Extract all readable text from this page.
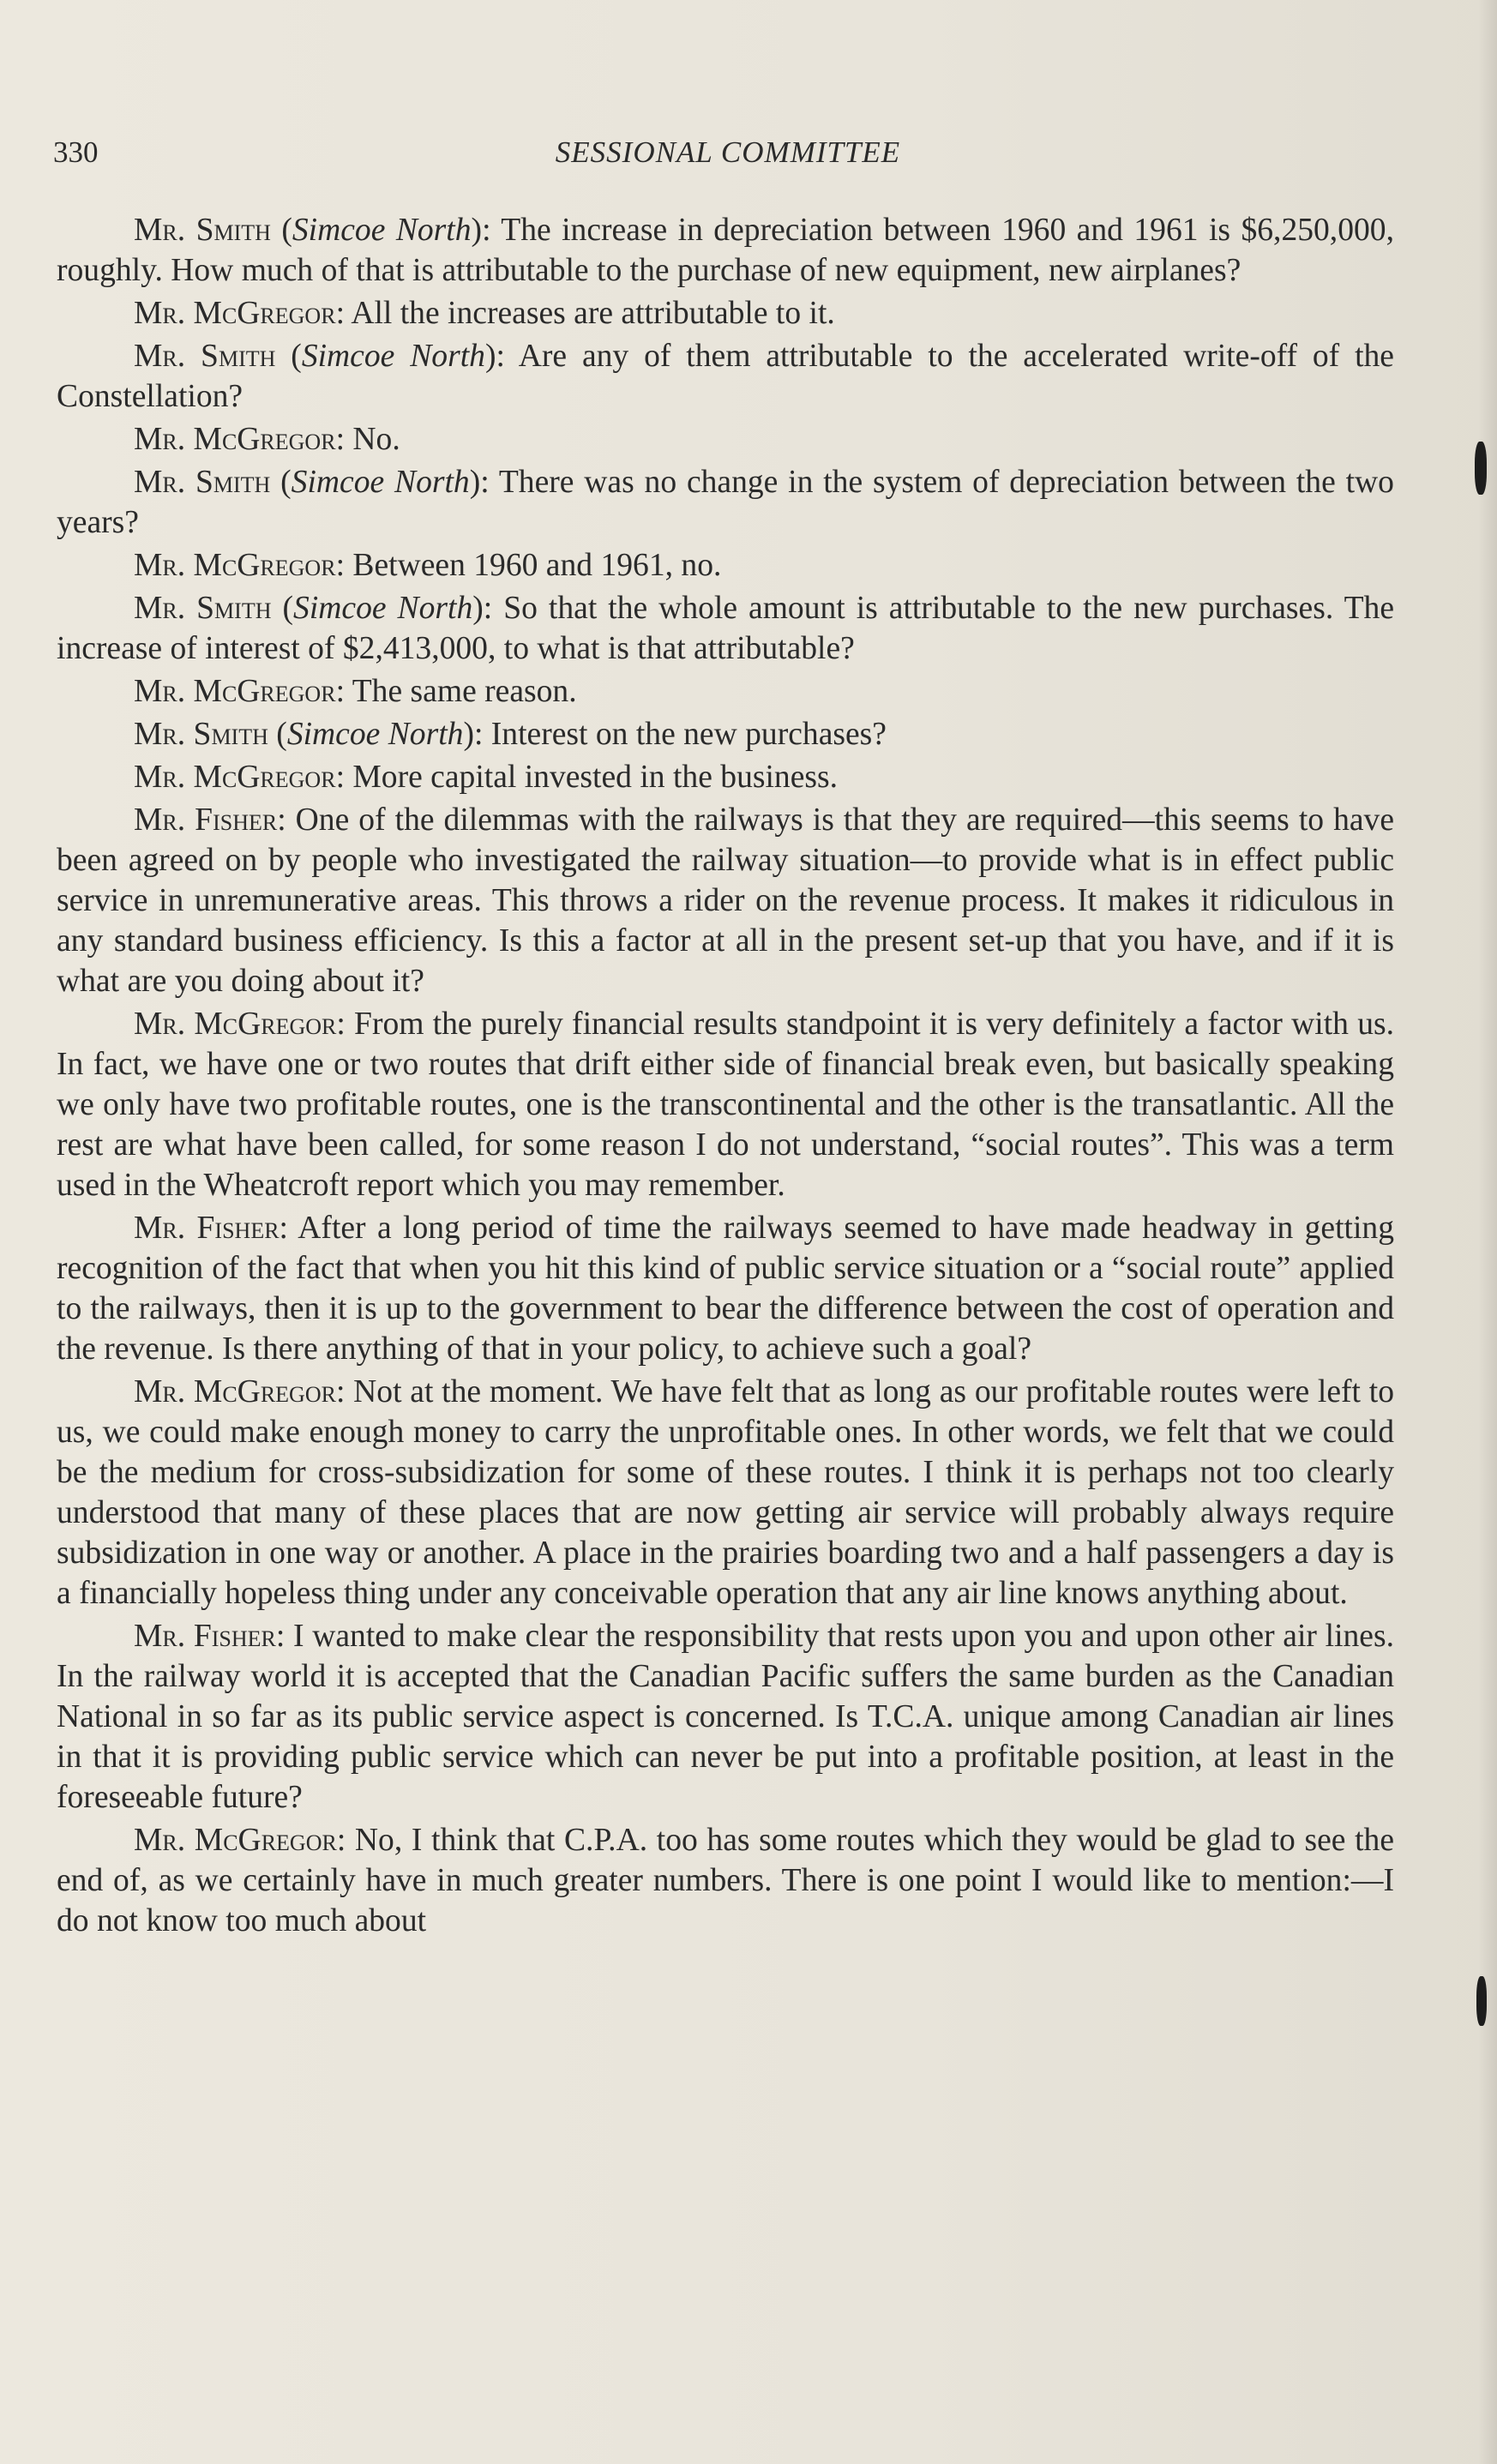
330	SESSIONAL COMMITTEE

Mr. Smith (Simcoe North): The increase in depreciation between 1960 and 1961 is $6,250,000, roughly. How much of that is attributable to the purchase of new equipment, new airplanes?

Mr. McGregor: All the increases are attributable to it.

Mr. Smith (Simcoe North): Are any of them attributable to the accelerated write-off of the Constellation?

Mr. McGregor: No.

Mr. Smith (Simcoe North): There was no change in the system of depreciation between the two years?

Mr. McGregor: Between 1960 and 1961, no.

Mr. Smith (Simcoe North): So that the whole amount is attributable to the new purchases. The increase of interest of $2,413,000, to what is that attributable?

Mr. McGregor: The same reason.

Mr. Smith (Simcoe North): Interest on the new purchases?

Mr. McGregor: More capital invested in the business.

Mr. Fisher: One of the dilemmas with the railways is that they are required—this seems to have been agreed on by people who investigated the railway situation—to provide what is in effect public service in unremunerative areas. This throws a rider on the revenue process. It makes it ridiculous in any standard business efficiency. Is this a factor at all in the present set-up that you have, and if it is what are you doing about it?

Mr. McGregor: From the purely financial results standpoint it is very definitely a factor with us. In fact, we have one or two routes that drift either side of financial break even, but basically speaking we only have two profitable routes, one is the transcontinental and the other is the transatlantic. All the rest are what have been called, for some reason I do not understand, “social routes”. This was a term used in the Wheatcroft report which you may remember.

Mr. Fisher: After a long period of time the railways seemed to have made headway in getting recognition of the fact that when you hit this kind of public service situation or a “social route” applied to the railways, then it is up to the government to bear the difference between the cost of operation and the revenue. Is there anything of that in your policy, to achieve such a goal?

Mr. McGregor: Not at the moment. We have felt that as long as our profitable routes were left to us, we could make enough money to carry the unprofitable ones. In other words, we felt that we could be the medium for cross-subsidization for some of these routes. I think it is perhaps not too clearly understood that many of these places that are now getting air service will probably always require subsidization in one way or another. A place in the prairies boarding two and a half passengers a day is a financially hopeless thing under any conceivable operation that any air line knows anything about.

Mr. Fisher: I wanted to make clear the responsibility that rests upon you and upon other air lines. In the railway world it is accepted that the Canadian Pacific suffers the same burden as the Canadian National in so far as its public service aspect is concerned. Is T.C.A. unique among Canadian air lines in that it is providing public service which can never be put into a profitable position, at least in the foreseeable future?

Mr. McGregor: No, I think that C.P.A. too has some routes which they would be glad to see the end of, as we certainly have in much greater numbers. There is one point I would like to mention:—I do not know too much about
